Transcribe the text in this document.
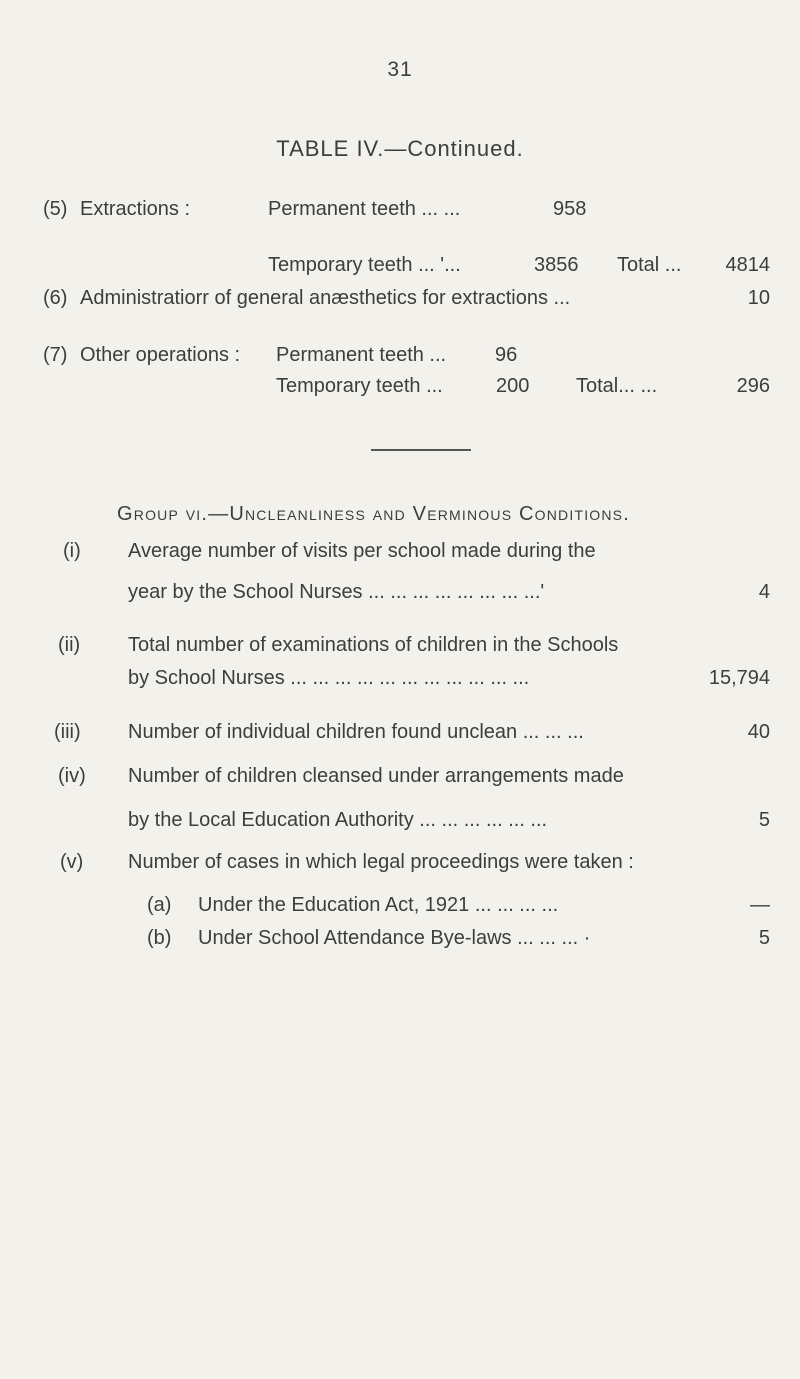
31
TABLE IV.—Continued.
(5) Extractions :	Permanent teeth ... ...	958
Temporary teeth ... '...	3856 Total ...	4814
(6) Administratiorr of general anæsthetics for extractions ...	10
(7) Other operations : Permanent teeth ... 96
Temporary teeth ...	200 Total... ...	296
Group vi.—Uncleanliness and Verminous Conditions.
(i) Average number of visits per school made during the
year by the School Nurses ... ... ... ... ... ... ... ...'	4
(ii) Total number of examinations of children in the Schools
by School Nurses ... ... ... ... ... ... ... ... ... ... ...	15,794
(iii) Number of individual children found unclean ... ... ...	40
(iv) Number of children cleansed under arrangements made
by the Local Education Authority ... ... ... ... ... ...	5
(v) Number of cases in which legal proceedings were taken :
(a) Under the Education Act, 1921 ... ... ... ...	—
(b) Under School Attendance Bye-laws ... ... ... ·	5
